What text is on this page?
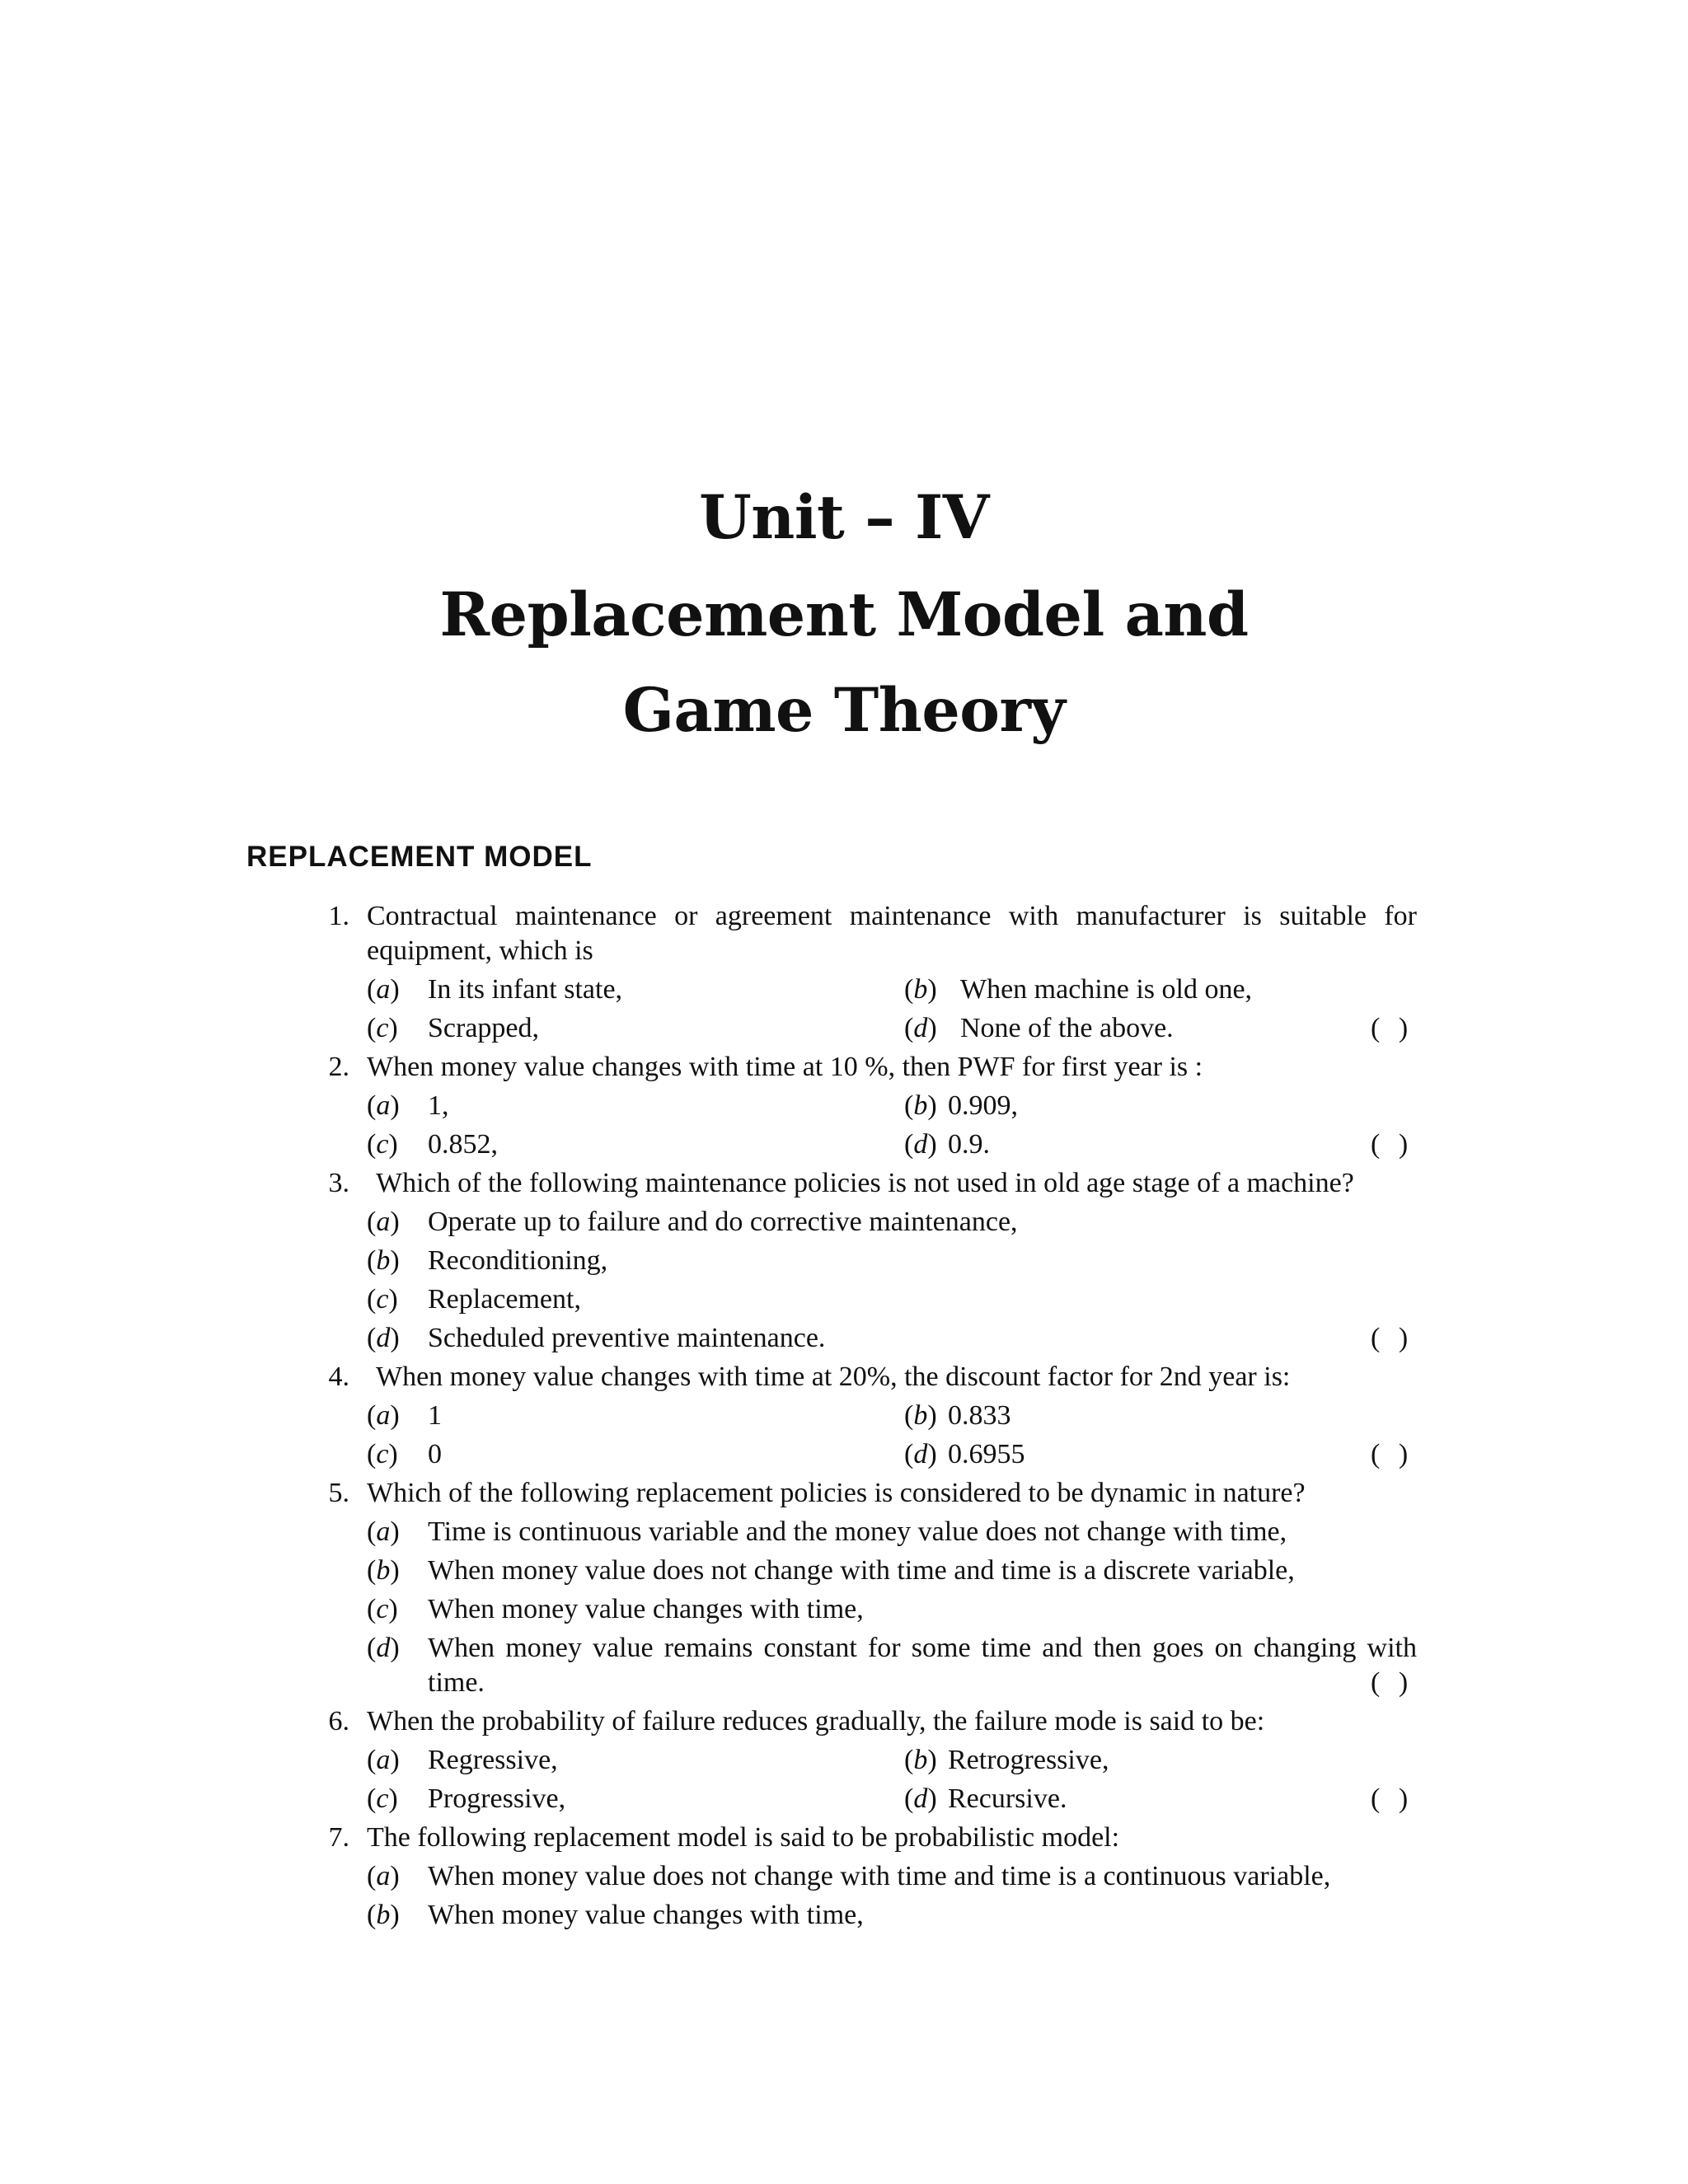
Unit – IV
Replacement Model and
Game Theory
REPLACEMENT MODEL
1. Contractual maintenance or agreement maintenance with manufacturer is suitable for
equipment, which is
(a) In its infant state,	(b) When machine is old one,
(c) Scrapped,	(d) None of the above.	( )
2. When money value changes with time at 10 %, then PWF for first year is :
(a) 1,	(b) 0.909,
(c) 0.852,	(d) 0.9.	( )
3. Which of the following maintenance policies is not used in old age stage of a machine?
(a) Operate up to failure and do corrective maintenance,
(b) Reconditioning,
(c) Replacement,
(d) Scheduled preventive maintenance.	( )
4. When money value changes with time at 20%, the discount factor for 2nd year is:
(a) 1	(b) 0.833
(c) 0	(d) 0.6955	( )
5. Which of the following replacement policies is considered to be dynamic in nature?
(a) Time is continuous variable and the money value does not change with time,
(b) When money value does not change with time and time is a discrete variable,
(c) When money value changes with time,
(d) When money value remains constant for some time and then goes on changing with
time.	( )
6. When the probability of failure reduces gradually, the failure mode is said to be:
(a) Regressive,	(b) Retrogressive,
(c) Progressive,	(d) Recursive.	( )
7. The following replacement model is said to be probabilistic model:
(a) When money value does not change with time and time is a continuous variable,
(b) When money value changes with time,
